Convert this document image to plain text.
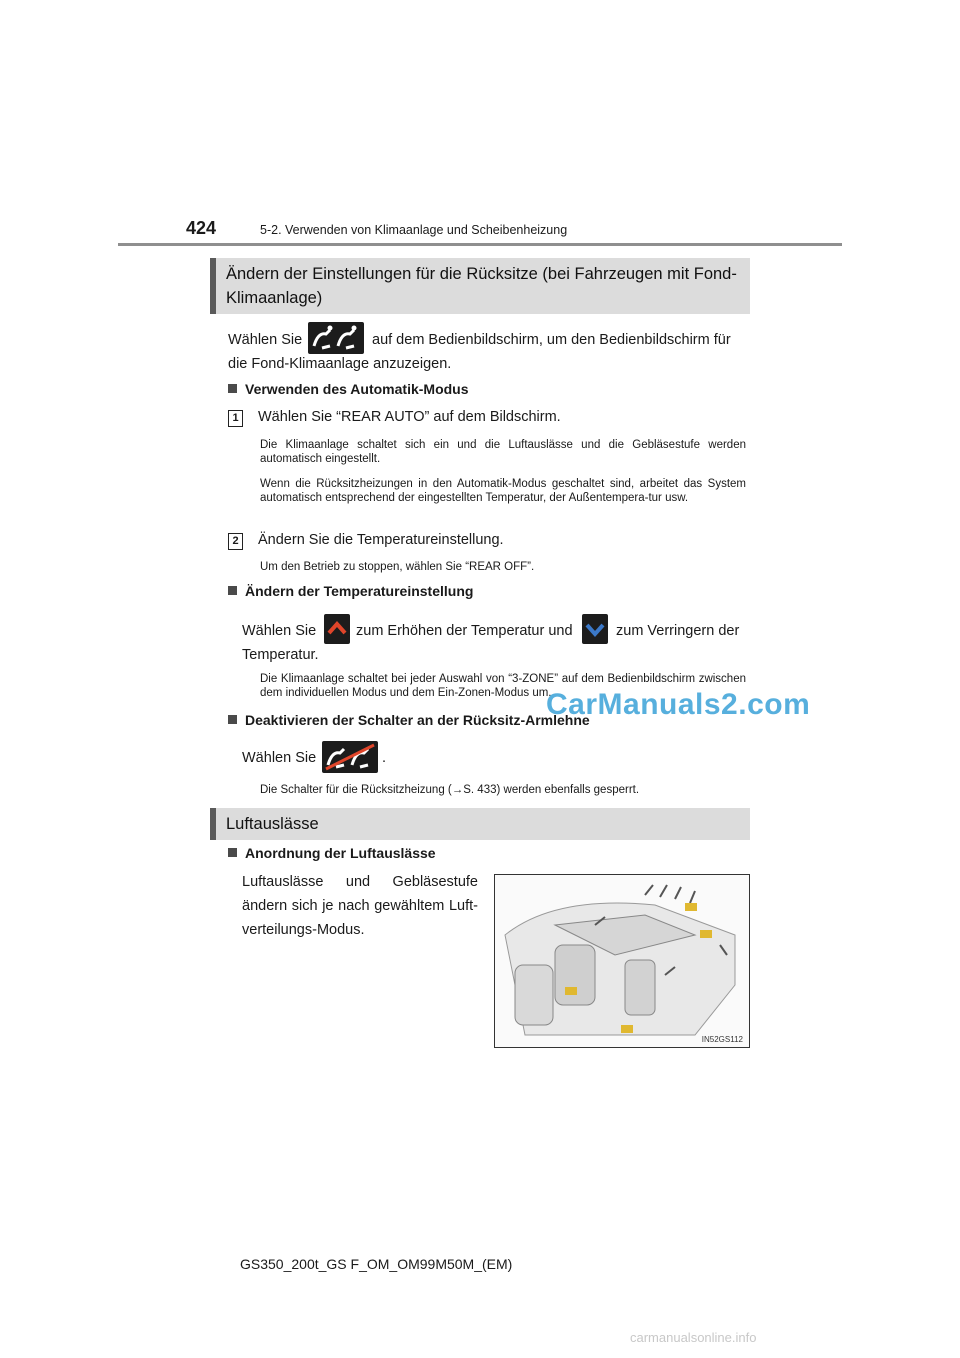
424	5-2. Verwenden von Klimaanlage und Scheibenheizung
Ändern der Einstellungen für die Rücksitze (bei Fahrzeugen mit Fond-Klimaanlage)
Wählen Sie	auf dem Bedienbildschirm, um den Bedienbildschirm für
die Fond-Klimaanlage anzuzeigen.
Verwenden des Automatik-Modus
1	Wählen Sie “REAR AUTO” auf dem Bildschirm.
Die Klimaanlage schaltet sich ein und die Luftauslässe und die Gebläsestufe werden automatisch eingestellt.
Wenn die Rücksitzheizungen in den Automatik-Modus geschaltet sind, arbeitet das System automatisch entsprechend der eingestellten Temperatur, der Außentempera-tur usw.
2	Ändern Sie die Temperatureinstellung.
Um den Betrieb zu stoppen, wählen Sie “REAR OFF”.
Ändern der Temperatureinstellung
Wählen Sie	zum Erhöhen der Temperatur und	zum Verringern der
Temperatur.
Die Klimaanlage schaltet bei jeder Auswahl von “3-ZONE” auf dem Bedienbildschirm zwischen dem individuellen Modus und dem Ein-Zonen-Modus um.
Deaktivieren der Schalter an der Rücksitz-Armlehne
Wählen Sie	.
Die Schalter für die Rücksitzheizung (→S. 433) werden ebenfalls gesperrt.
Luftauslässe
Anordnung der Luftauslässe
Luftauslässe und Gebläsestufe ändern sich je nach gewähltem Luft-verteilungs-Modus.
IN52GS112
CarManuals2.com
GS350_200t_GS F_OM_OM99M50M_(EM)
carmanualsonline.info
